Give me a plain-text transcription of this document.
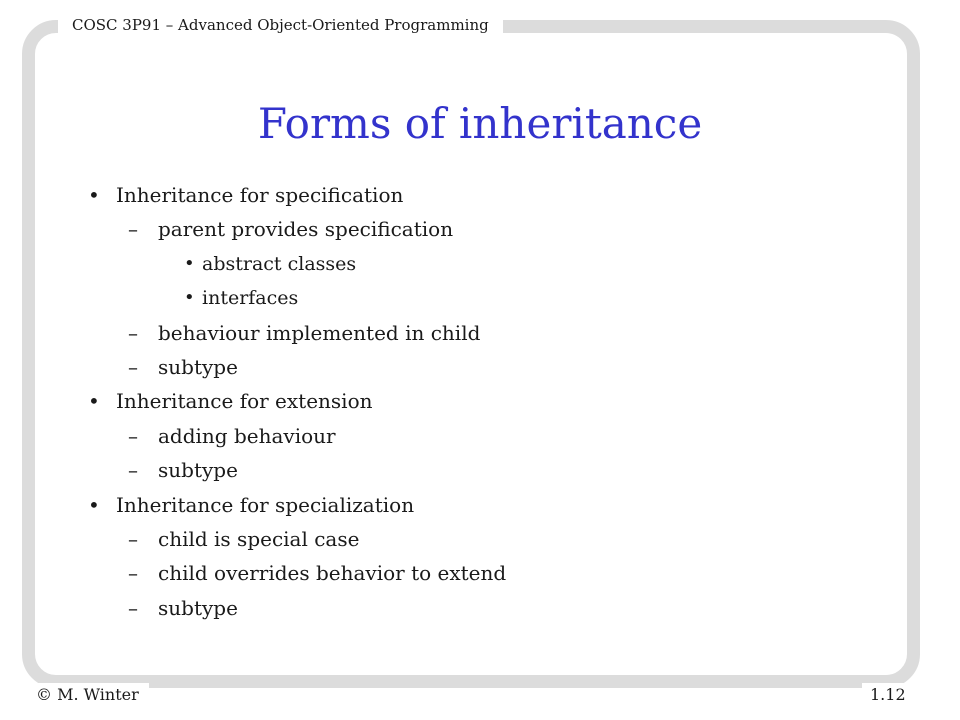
COSC 3P91 – Advanced Object-Oriented Programming
Forms of inheritance
• Inheritance for specification
– parent provides specification
• abstract classes
• interfaces
– behaviour implemented in child
– subtype
• Inheritance for extension
– adding behaviour
– subtype
• Inheritance for specialization
– child is special case
– child overrides behavior to extend
– subtype
© M. Winter	1.12
